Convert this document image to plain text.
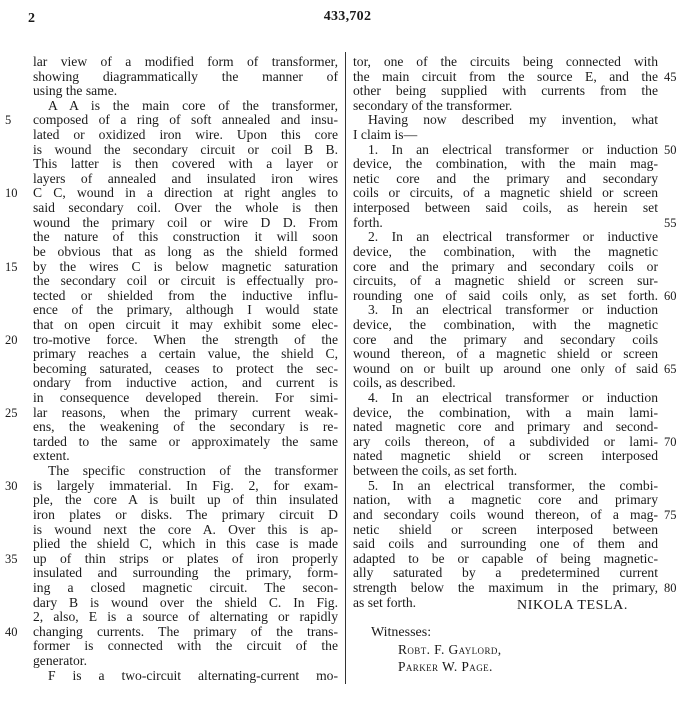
2	433,702
lar view of a modified form of transformer,
showing diagrammatically the manner of
using the same.
A A is the main core of the transformer,
composed of a ring of soft annealed and insu-
5
lated or oxidized iron wire. Upon this core
is wound the secondary circuit or coil B B.
This latter is then covered with a layer or
layers of annealed and insulated iron wires
C C, wound in a direction at right angles to
10
said secondary coil. Over the whole is then
wound the primary coil or wire D D. From
the nature of this construction it will soon
be obvious that as long as the shield formed
by the wires C is below magnetic saturation
15
the secondary coil or circuit is effectually pro-
tected or shielded from the inductive influ-
ence of the primary, although I would state
that on open circuit it may exhibit some elec-
tro-motive force. When the strength of the
20
primary reaches a certain value, the shield C,
becoming saturated, ceases to protect the sec-
ondary from inductive action, and current is
in consequence developed therein. For simi-
lar reasons, when the primary current weak-
25
ens, the weakening of the secondary is re-
tarded to the same or approximately the same
extent.
The specific construction of the transformer
is largely immaterial. In Fig. 2, for exam-
30
ple, the core A is built up of thin insulated
iron plates or disks. The primary circuit D
is wound next the core A. Over this is ap-
plied the shield C, which in this case is made
up of thin strips or plates of iron properly
35
insulated and surrounding the primary, form-
ing a closed magnetic circuit. The secon-
dary B is wound over the shield C. In Fig.
2, also, E is a source of alternating or rapidly
changing currents. The primary of the trans-
40
former is connected with the circuit of the
generator.
F is a two-circuit alternating-current mo-
tor, one of the circuits being connected with
the main circuit from the source E, and the 45
other being supplied with currents from the
secondary of the transformer.
Having now described my invention, what
I claim is—
1. In an electrical transformer or induction 50
device, the combination, with the main mag-
netic core and the primary and secondary
coils or circuits, of a magnetic shield or screen
interposed between said coils, as herein set
forth.	55
2. In an electrical transformer or inductive
device, the combination, with the magnetic
core and the primary and secondary coils or
circuits, of a magnetic shield or screen sur-
rounding one of said coils only, as set forth. 60
3. In an electrical transformer or induction
device, the combination, with the magnetic
core and the primary and secondary coils
wound thereon, of a magnetic shield or screen
wound on or built up around one only of said 65
coils, as described.
4. In an electrical transformer or induction
device, the combination, with a main lami-
nated magnetic core and primary and second-
ary coils thereon, of a subdivided or lami- 70
nated magnetic shield or screen interposed
between the coils, as set forth.
5. In an electrical transformer, the combi-
nation, with a magnetic core and primary
and secondary coils wound thereon, of a mag- 75
netic shield or screen interposed between
said coils and surrounding one of them and
adapted to be or capable of being magnetic-
ally saturated by a predetermined current
strength below the maximum in the primary, 80
as set forth.	NIKOLA TESLA.
Witnesses:
Robt. F. Gaylord,
Parker W. Page.
